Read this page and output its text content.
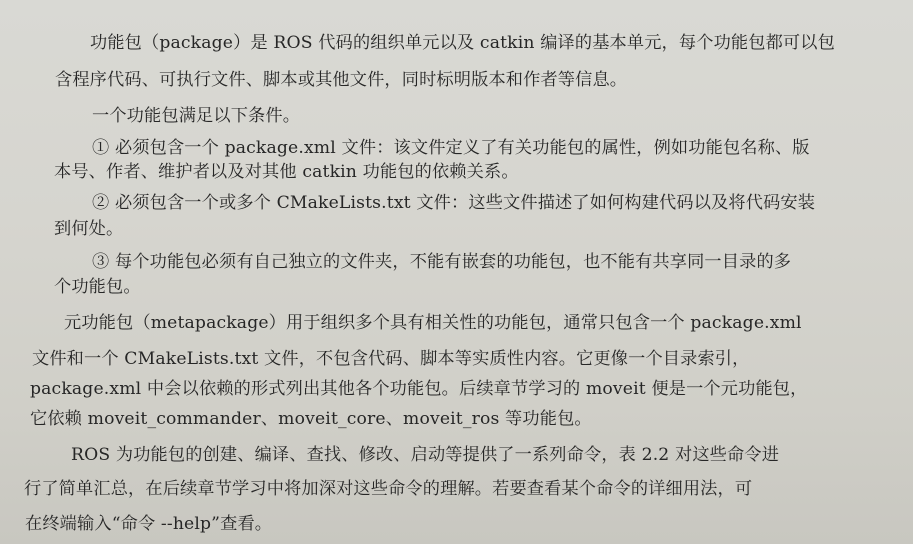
功能包（package）是 ROS 代码的组织单元以及 catkin 编译的基本单元，每个功能包都可以包
含程序代码、可执行文件、脚本或其他文件，同时标明版本和作者等信息。
一个功能包满足以下条件。
① 必须包含一个 package.xml 文件：该文件定义了有关功能包的属性，例如功能包名称、版
本号、作者、维护者以及对其他 catkin 功能包的依赖关系。
② 必须包含一个或多个 CMakeLists.txt 文件：这些文件描述了如何构建代码以及将代码安装
到何处。
③ 每个功能包必须有自己独立的文件夹，不能有嵌套的功能包，也不能有共享同一目录的多
个功能包。
元功能包（metapackage）用于组织多个具有相关性的功能包，通常只包含一个 package.xml
文件和一个 CMakeLists.txt 文件，不包含代码、脚本等实质性内容。它更像一个目录索引，
package.xml 中会以依赖的形式列出其他各个功能包。后续章节学习的 moveit 便是一个元功能包，
它依赖 moveit_commander、moveit_core、moveit_ros 等功能包。
ROS 为功能包的创建、编译、查找、修改、启动等提供了一系列命令，表 2.2 对这些命令进
行了简单汇总，在后续章节学习中将加深对这些命令的理解。若要查看某个命令的详细用法，可
在终端输入“命令 --help”查看。
